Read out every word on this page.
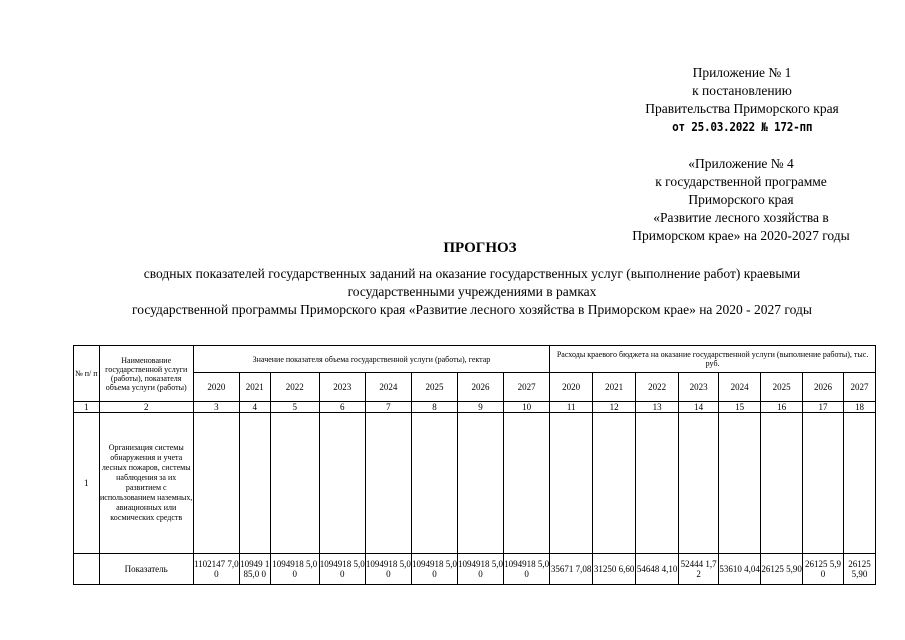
Приложение № 1
к постановлению
Правительства Приморского края
от 25.03.2022 № 172-пп
«Приложение № 4
к государственной программе
Приморского края
«Развитие лесного хозяйства в
Приморском крае» на 2020-2027 годы
ПРОГНОЗ
сводных показателей государственных заданий на оказание государственных услуг (выполнение работ) краевыми
государственными учреждениями в рамках
государственной программы Приморского края «Развитие лесного хозяйства в Приморском крае» на 2020 - 2027 годы
№ п/ п	Наименование государственной услуги (работы), показателя объема услуги (работы)	Значение показателя объема государственной услуги (работы), гектар								Расходы краевого бюджета на оказание государственной услуги (выполнение работы), тыс. руб.							
		2020	2021	2022	2023	2024	2025	2026	2027	2020	2021	2022	2023	2024	2025	2026	2027
1	2	3	4	5	6	7	8	9	10	11	12	13	14	15	16	17	18
1	Организация системы обнаружения и учета лесных пожаров, системы наблюдения за их развитием с использованием наземных, авиационных или космических средств																
	Показатель	1102147 7,00	10949 185,0 0	1094918 5,00	1094918 5,00	1094918 5,00	1094918 5,00	1094918 5,00	1094918 5,00	35671 7,08	31250 6,60	54648 4,10	52444 1,72	53610 4,04	26125 5,90	26125 5,90	26125 5,90
